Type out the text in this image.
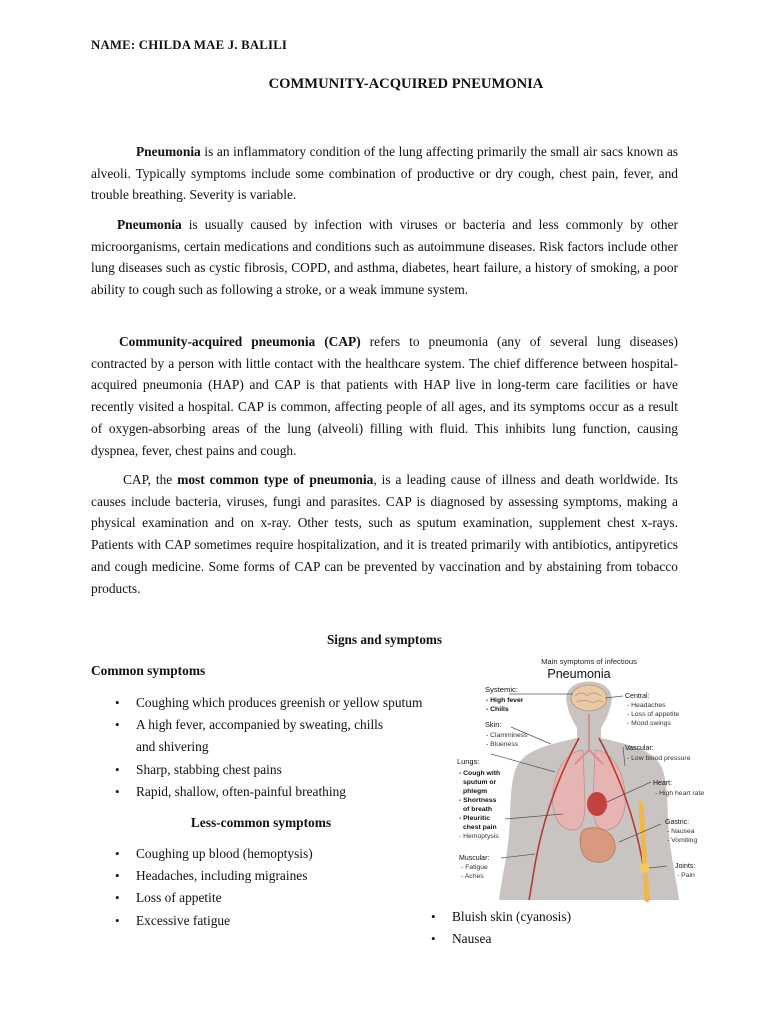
NAME: CHILDA MAE J. BALILI
COMMUNITY-ACQUIRED PNEUMONIA
Pneumonia is an inflammatory condition of the lung affecting primarily the small air sacs known as alveoli. Typically symptoms include some combination of productive or dry cough, chest pain, fever, and trouble breathing. Severity is variable.
Pneumonia is usually caused by infection with viruses or bacteria and less commonly by other microorganisms, certain medications and conditions such as autoimmune diseases. Risk factors include other lung diseases such as cystic fibrosis, COPD, and asthma, diabetes, heart failure, a history of smoking, a poor ability to cough such as following a stroke, or a weak immune system.
Community-acquired pneumonia (CAP) refers to pneumonia (any of several lung diseases) contracted by a person with little contact with the healthcare system. The chief difference between hospital-acquired pneumonia (HAP) and CAP is that patients with HAP live in long-term care facilities or have recently visited a hospital. CAP is common, affecting people of all ages, and its symptoms occur as a result of oxygen-absorbing areas of the lung (alveoli) filling with fluid. This inhibits lung function, causing dyspnea, fever, chest pains and cough.
CAP, the most common type of pneumonia, is a leading cause of illness and death worldwide. Its causes include bacteria, viruses, fungi and parasites. CAP is diagnosed by assessing symptoms, making a physical examination and on x-ray. Other tests, such as sputum examination, supplement chest x-rays. Patients with CAP sometimes require hospitalization, and it is treated primarily with antibiotics, antipyretics and cough medicine. Some forms of CAP can be prevented by vaccination and by abstaining from tobacco products.
Signs and symptoms
Common symptoms
• Coughing which produces greenish or yellow sputum
• A high fever, accompanied by sweating, chills and shivering
• Sharp, stabbing chest pains
• Rapid, shallow, often-painful breathing
Less-common symptoms
• Coughing up blood (hemoptysis)
• Headaches, including migraines
• Loss of appetite
• Excessive fatigue
•	Bluish skin (cyanosis)
• Nausea
Main symptoms of infectious
Pneumonia
Systemic:
- High fever
- Chills
Skin:
- Clamminess
- Blueness
Lungs:
- Cough with
sputum or
phlegm
- Shortness
of breath
- Pleuritic
chest pain
- Hemoptysis
Muscular:
- Fatigue
- Aches
Central:
- Headaches
- Loss of appetite
- Mood swings
Vascular:
- Low blood pressure
Heart:
- High heart rate
Gastric:
- Nausea
- Vomiting
Joints:
- Pain
